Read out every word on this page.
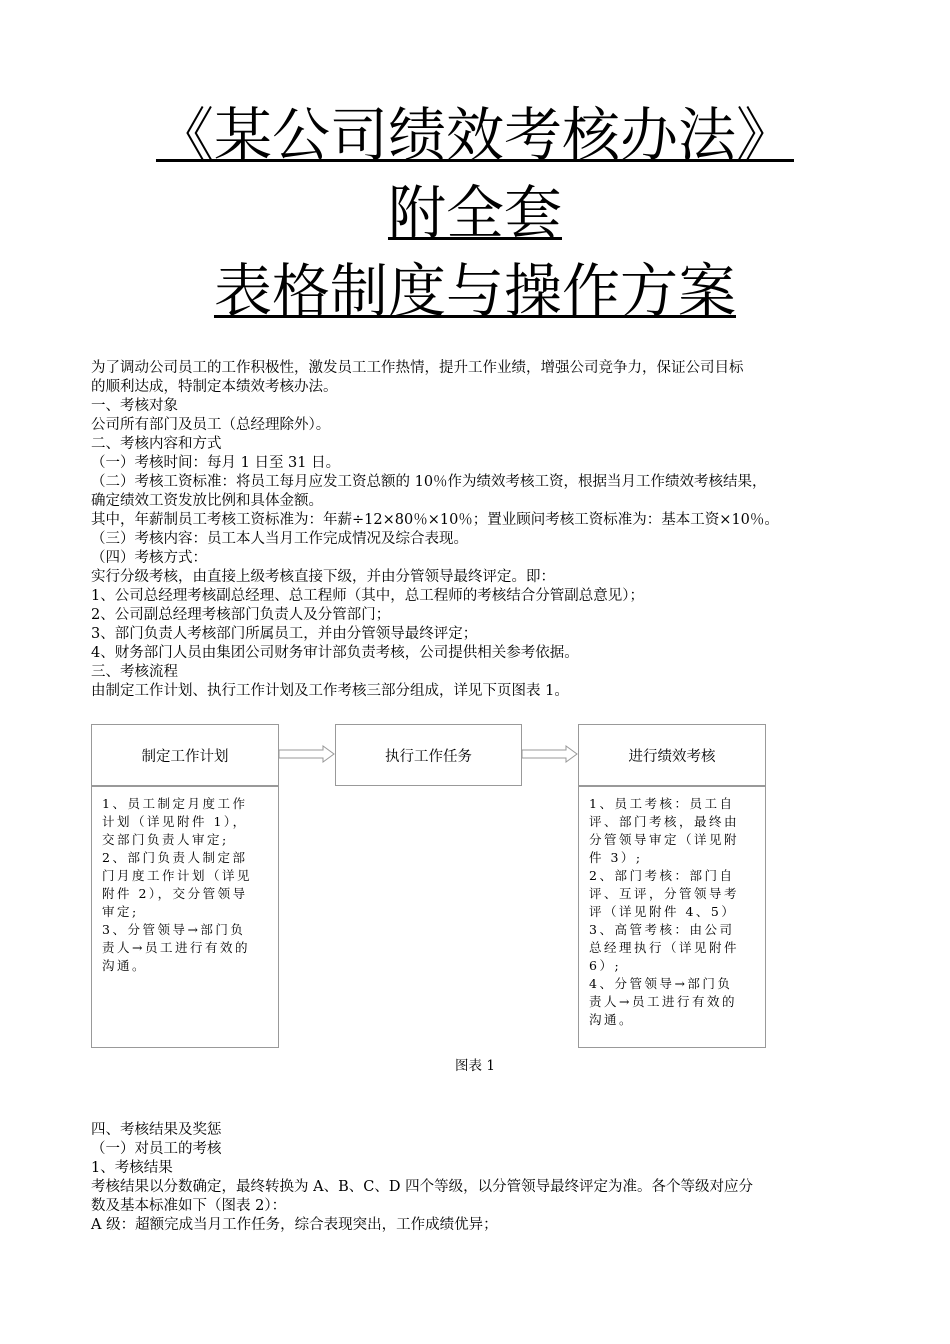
《某公司绩效考核办法》
附全套
表格制度与操作方案

为了调动公司员工的工作积极性，激发员工工作热情，提升工作业绩，增强公司竞争力，保证公司目标

的顺利达成，特制定本绩效考核办法。

一、考核对象

公司所有部门及员工（总经理除外）。

二、考核内容和方式

（一）考核时间：每月 1 日至 31 日。

（二）考核工资标准：将员工每月应发工资总额的 10％作为绩效考核工资，根据当月工作绩效考核结果，

确定绩效工资发放比例和具体金额。

其中，年薪制员工考核工资标准为：年薪÷12×80％×10％；置业顾问考核工资标准为：基本工资×10％。

（三）考核内容：员工本人当月工作完成情况及综合表现。

（四）考核方式：

实行分级考核，由直接上级考核直接下级，并由分管领导最终评定。即：

1、公司总经理考核副总经理、总工程师（其中，总工程师的考核结合分管副总意见）；

2、公司副总经理考核部门负责人及分管部门；

3、部门负责人考核部门所属员工，并由分管领导最终评定；

4、财务部门人员由集团公司财务审计部负责考核，公司提供相关参考依据。

三、考核流程

由制定工作计划、执行工作计划及工作考核三部分组成，详见下页图表 1。

制定工作计划

1、员工制定月度工作

计划（详见附件 1），

交部门负责人审定;

2、部门负责人制定部

门月度工作计划（详见

附件 2），交分管领导

审定;

3、分管领导→部门负

责人→员工进行有效的

沟通。

执行工作任务	进行绩效考核

1、员工考核：员工自

评、部门考核，最终由

分管领导审定（详见附

件 3）;

2、部门考核：部门自

评、互评，分管领导考

评（详见附件 4、5）

3、高管考核：由公司

总经理执行（详见附件

6）;

4、分管领导→部门负

责人→员工进行有效的

沟通。

图表 1

四、考核结果及奖惩

（一）对员工的考核

1、考核结果

考核结果以分数确定，最终转换为 A、B、C、D 四个等级，以分管领导最终评定为准。各个等级对应分

数及基本标准如下（图表 2）：

A 级：超额完成当月工作任务，综合表现突出，工作成绩优异；
